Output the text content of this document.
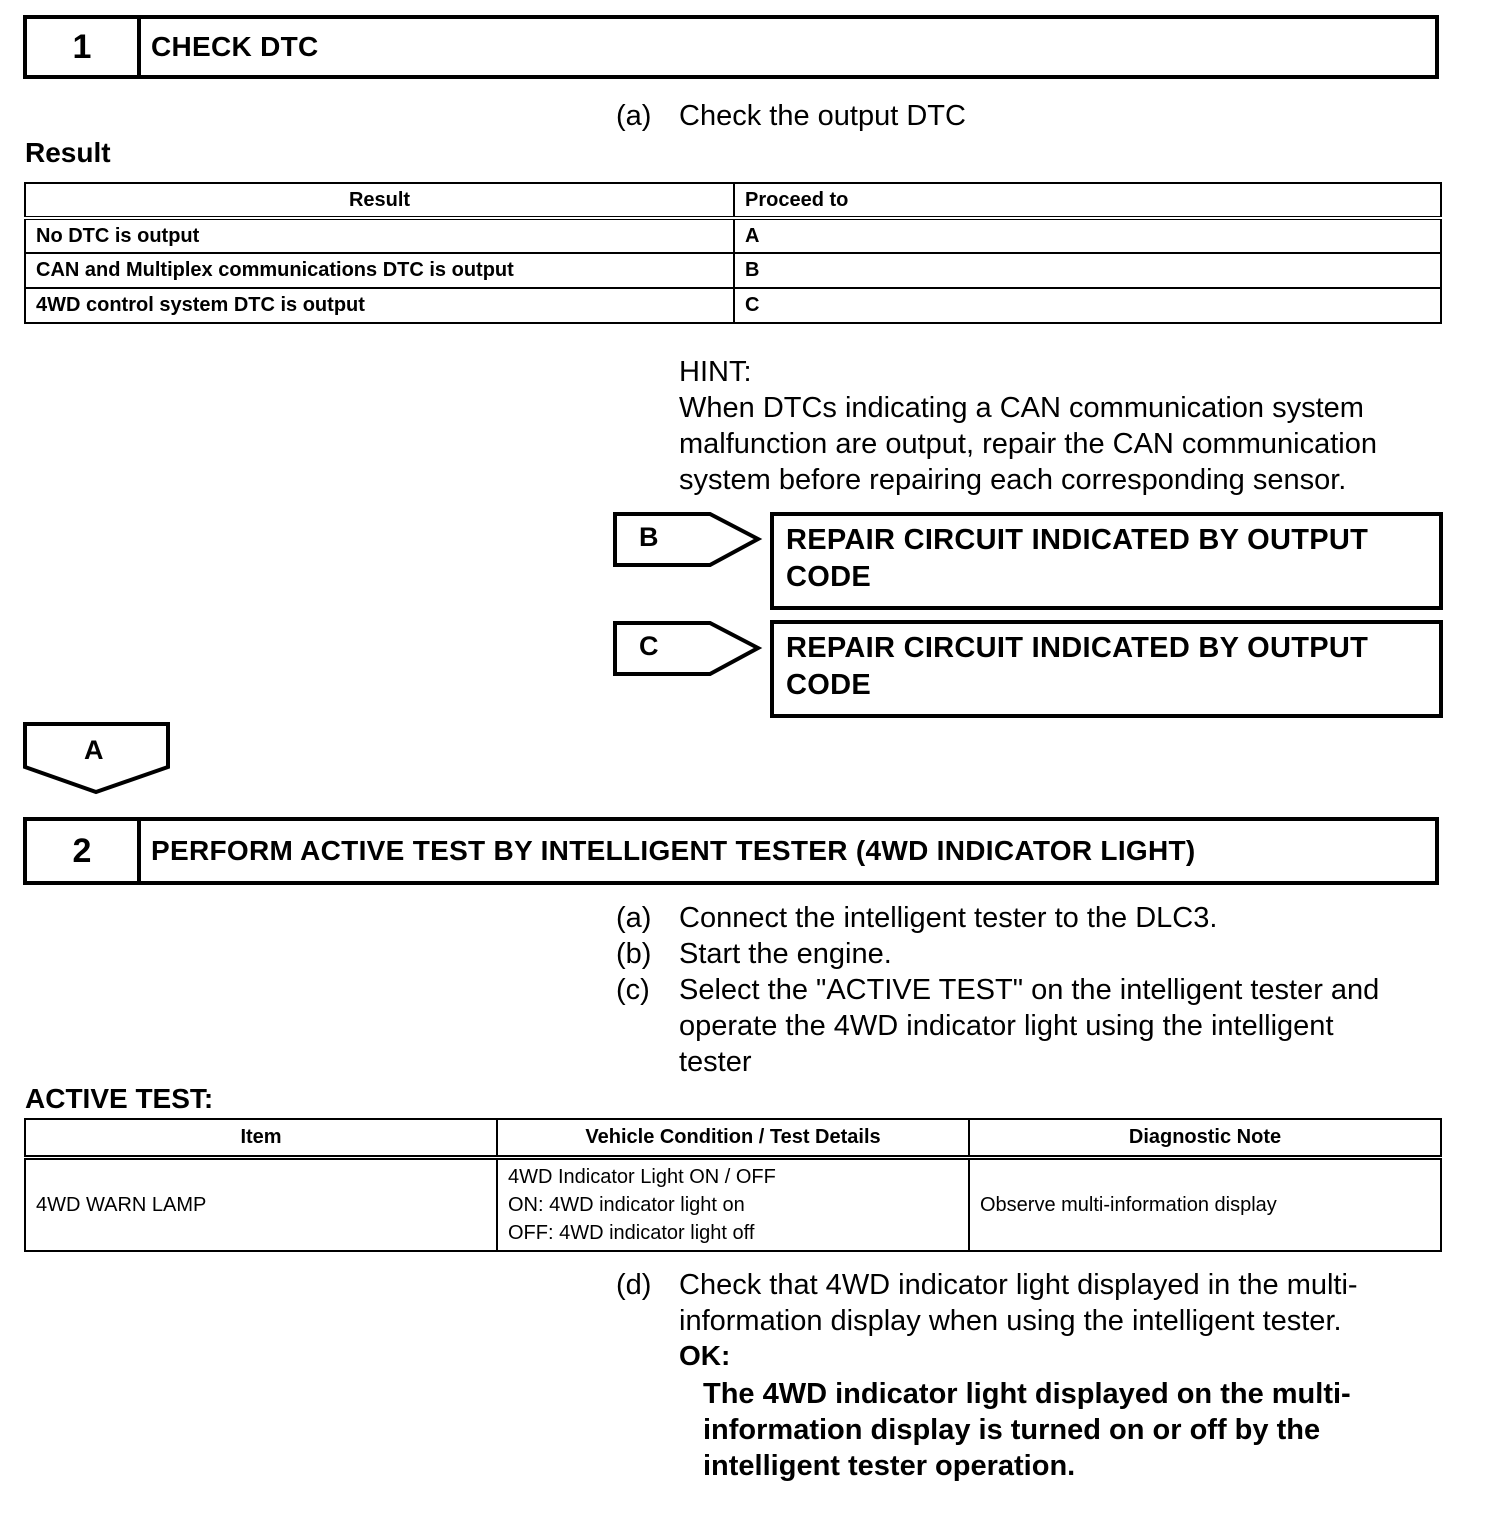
1	CHECK DTC
(a) Check the output DTC
Result
Result	Proceed to
No DTC is output	A
CAN and Multiplex communications DTC is output	B
4WD control system DTC is output	C
HINT:
When DTCs indicating a CAN communication system
malfunction are output, repair the CAN communication
system before repairing each corresponding sensor.
B	REPAIR CIRCUIT INDICATED BY OUTPUT
CODE
C	REPAIR CIRCUIT INDICATED BY OUTPUT
CODE
A
2	PERFORM ACTIVE TEST BY INTELLIGENT TESTER (4WD INDICATOR LIGHT)
(a) Connect the intelligent tester to the DLC3.
(b) Start the engine.
(c) Select the "ACTIVE TEST" on the intelligent tester and
operate the 4WD indicator light using the intelligent
tester
ACTIVE TEST:
Item	Vehicle Condition / Test Details	Diagnostic Note
4WD WARN LAMP	4WD Indicator Light ON / OFF
ON: 4WD indicator light on
OFF: 4WD indicator light off	Observe multi-information display
(d) Check that 4WD indicator light displayed in the multi-
information display when using the intelligent tester.
OK:
The 4WD indicator light displayed on the multi-
information display is turned on or off by the
intelligent tester operation.
